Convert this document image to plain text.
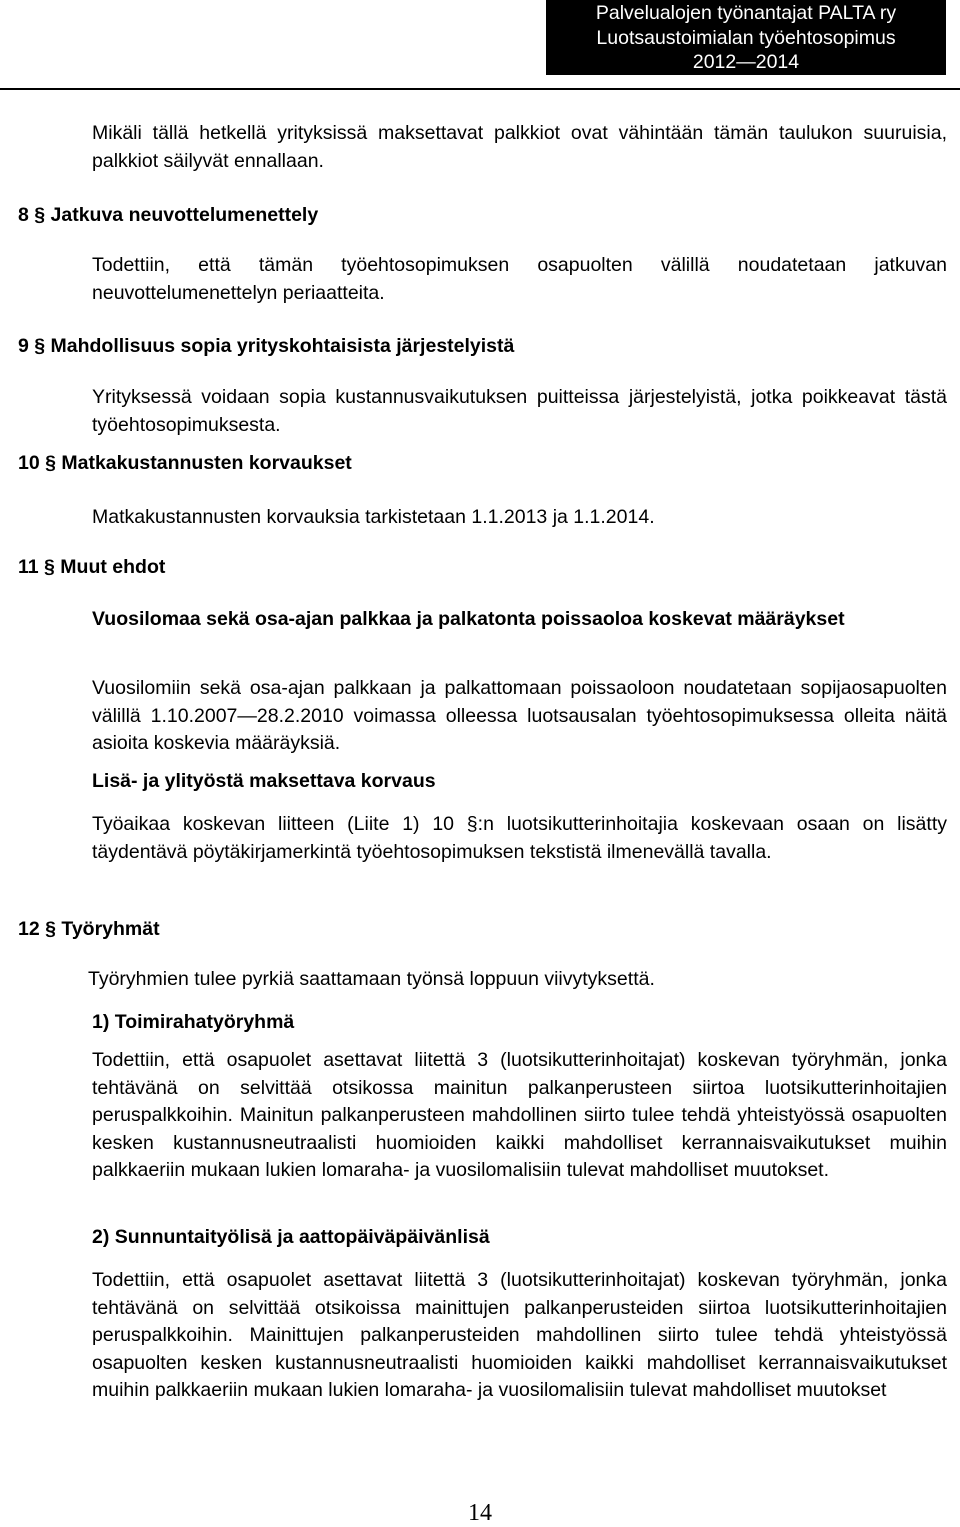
Palvelualojen työnantajat PALTA ry
Luotsaustoimialan työehtosopimus
2012—2014
Mikäli tällä hetkellä yrityksissä maksettavat palkkiot ovat vähintään tämän taulukon suuruisia, palkkiot säilyvät ennallaan.
8 § Jatkuva neuvottelumenettely
Todettiin, että tämän työehtosopimuksen osapuolten välillä noudatetaan jatkuvan neuvottelumenettelyn periaatteita.
9 § Mahdollisuus sopia yrityskohtaisista järjestelyistä
Yrityksessä voidaan sopia kustannusvaikutuksen puitteissa järjestelyistä, jotka poikkeavat tästä työehtosopimuksesta.
10 § Matkakustannusten korvaukset
Matkakustannusten korvauksia tarkistetaan 1.1.2013 ja 1.1.2014.
11 § Muut ehdot
Vuosilomaa sekä osa-ajan palkkaa ja palkatonta poissaoloa koskevat määräykset
Vuosilomiin sekä osa-ajan palkkaan ja palkattomaan poissaoloon noudatetaan sopijaosapuolten välillä 1.10.2007—28.2.2010 voimassa olleessa luotsausalan työehtosopimuksessa olleita näitä asioita koskevia määräyksiä.
Lisä- ja ylityöstä maksettava korvaus
Työaikaa koskevan liitteen (Liite 1) 10 §:n luotsikutterinhoitajia koskevaan osaan on lisätty täydentävä pöytäkirjamerkintä työehtosopimuksen tekstistä ilmenevällä tavalla.
12 § Työryhmät
Työryhmien tulee pyrkiä saattamaan työnsä loppuun viivytyksettä.
1) Toimirahatyöryhmä
Todettiin, että osapuolet asettavat liitettä 3 (luotsikutterinhoitajat) koskevan työryhmän, jonka tehtävänä on selvittää otsikossa mainitun palkanperusteen siirtoa luotsikutterinhoitajien peruspalkkoihin. Mainitun palkanperusteen mahdollinen siirto tulee tehdä yhteistyössä osapuolten kesken kustannusneutraalisti huomioiden kaikki mahdolliset kerrannaisvaikutukset muihin palkkaeriin mukaan lukien lomaraha- ja vuosilomalisiin tulevat mahdolliset muutokset.
2) Sunnuntaityölisä ja aattopäiväpäivänlisä
Todettiin, että osapuolet asettavat liitettä 3 (luotsikutterinhoitajat) koskevan työryhmän, jonka tehtävänä on selvittää otsikoissa mainittujen palkanperusteiden siirtoa luotsikutterinhoitajien peruspalkkoihin. Mainittujen palkanperusteiden mahdollinen siirto tulee tehdä yhteistyössä osapuolten kesken kustannusneutraalisti huomioiden kaikki mahdolliset kerrannaisvaikutukset muihin palkkaeriin mukaan lukien lomaraha- ja vuosilomalisiin tulevat mahdolliset muutokset
14
